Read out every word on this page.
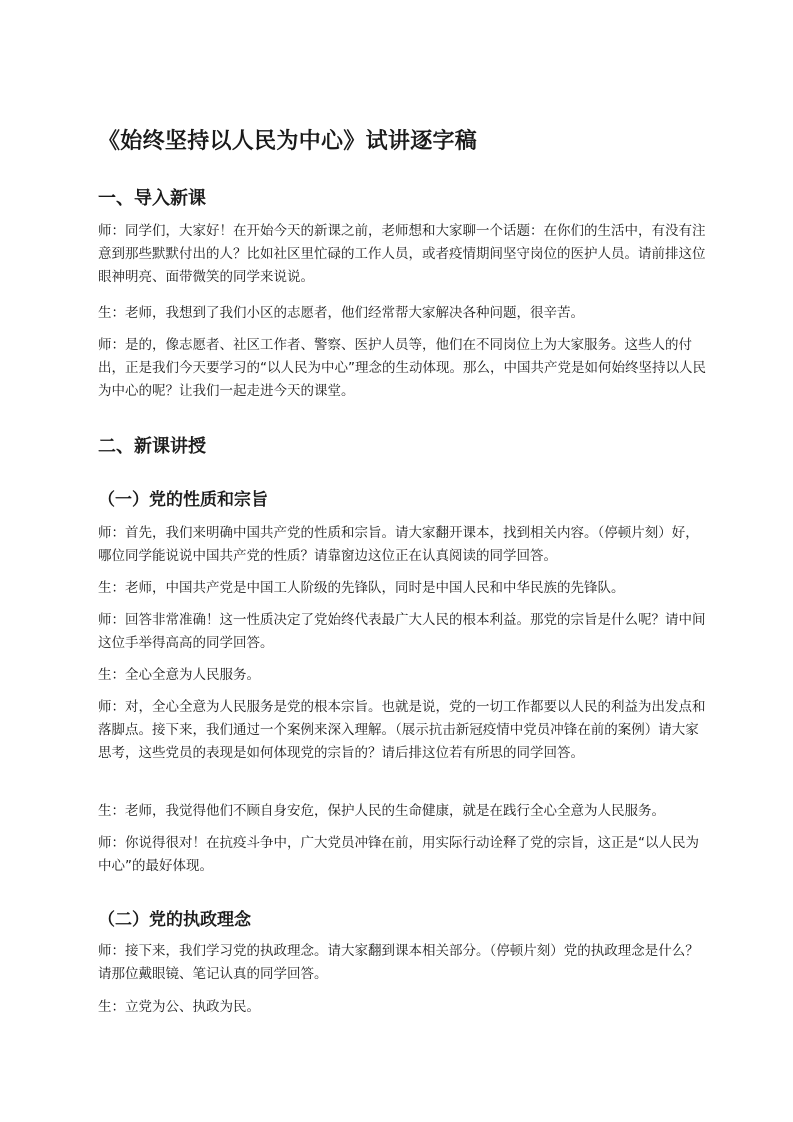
《始终坚持以人民为中心》试讲逐字稿
一、导入新课

师：同学们，大家好！在开始今天的新课之前，老师想和大家聊一个话题：在你们的生活中，有没有注意到那些默默付出的人？比如社区里忙碌的工作人员，或者疫情期间坚守岗位的医护人员。请前排这位眼神明亮、面带微笑的同学来说说。

生：老师，我想到了我们小区的志愿者，他们经常帮大家解决各种问题，很辛苦。

师：是的，像志愿者、社区工作者、警察、医护人员等，他们在不同岗位上为大家服务。这些人的付出，正是我们今天要学习的“以人民为中心”理念的生动体现。那么，中国共产党是如何始终坚持以人民为中心的呢？让我们一起走进今天的课堂。

二、新课讲授
（一）党的性质和宗旨

师：首先，我们来明确中国共产党的性质和宗旨。请大家翻开课本，找到相关内容。（停顿片刻）好，哪位同学能说说中国共产党的性质？请靠窗边这位正在认真阅读的同学回答。

生：老师，中国共产党是中国工人阶级的先锋队，同时是中国人民和中华民族的先锋队。

师：回答非常准确！这一性质决定了党始终代表最广大人民的根本利益。那党的宗旨是什么呢？请中间这位手举得高高的同学回答。

生：全心全意为人民服务。

师：对，全心全意为人民服务是党的根本宗旨。也就是说，党的一切工作都要以人民的利益为出发点和落脚点。接下来，我们通过一个案例来深入理解。（展示抗击新冠疫情中党员冲锋在前的案例）请大家思考，这些党员的表现是如何体现党的宗旨的？请后排这位若有所思的同学回答。

生：老师，我觉得他们不顾自身安危，保护人民的生命健康，就是在践行全心全意为人民服务。

师：你说得很对！在抗疫斗争中，广大党员冲锋在前，用实际行动诠释了党的宗旨，这正是“以人民为中心”的最好体现。

（二）党的执政理念

师：接下来，我们学习党的执政理念。请大家翻到课本相关部分。（停顿片刻）党的执政理念是什么？请那位戴眼镜、笔记认真的同学回答。

生：立党为公、执政为民。
